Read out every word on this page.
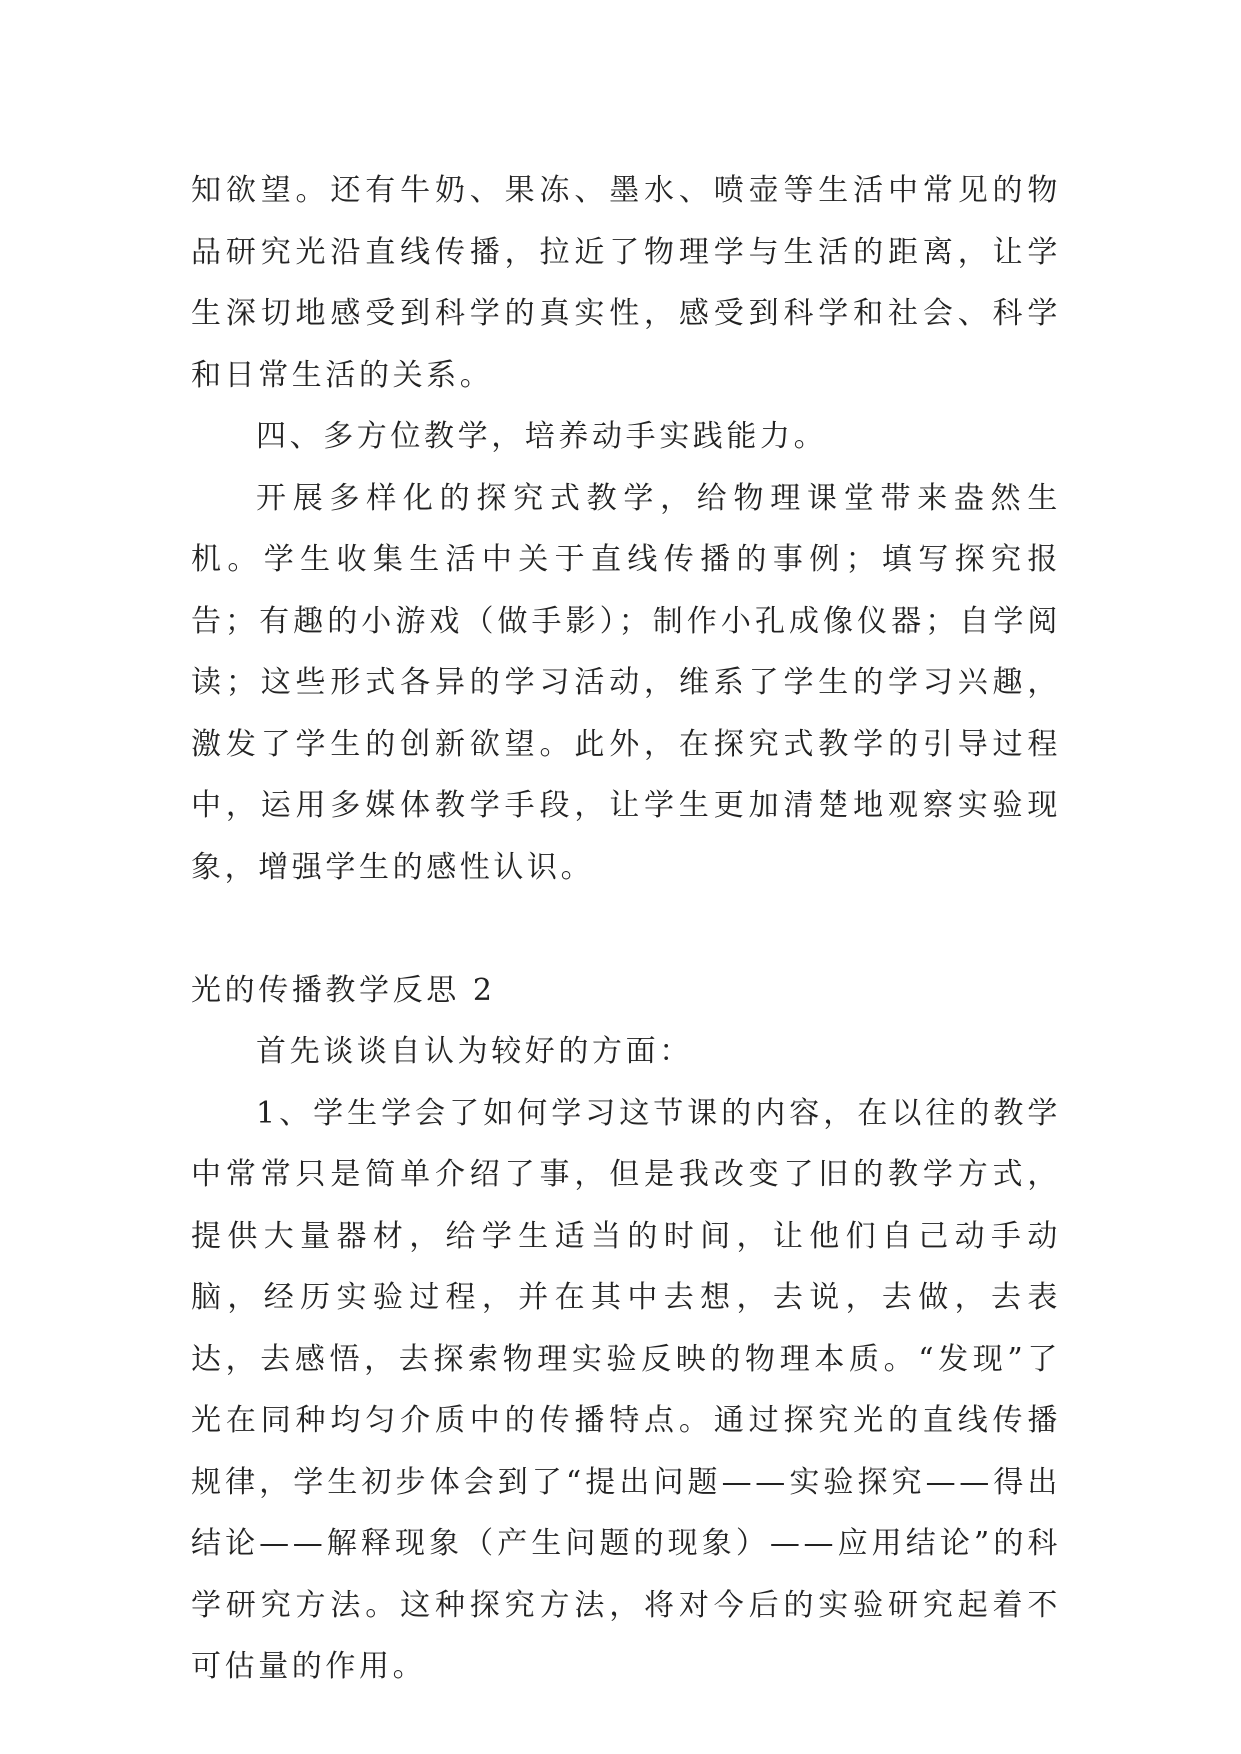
知欲望。还有牛奶、果冻、墨水、喷壶等生活中常见的物品研究光沿直线传播，拉近了物理学与生活的距离，让学生深切地感受到科学的真实性，感受到科学和社会、科学和日常生活的关系。

四、多方位教学，培养动手实践能力。

开展多样化的探究式教学，给物理课堂带来盎然生机。学生收集生活中关于直线传播的事例；填写探究报告；有趣的小游戏（做手影）；制作小孔成像仪器；自学阅读；这些形式各异的学习活动，维系了学生的学习兴趣，激发了学生的创新欲望。此外，在探究式教学的引导过程中，运用多媒体教学手段，让学生更加清楚地观察实验现象，增强学生的感性认识。

光的传播教学反思 2

首先谈谈自认为较好的方面：

1、学生学会了如何学习这节课的内容，在以往的教学中常常只是简单介绍了事，但是我改变了旧的教学方式，提供大量器材，给学生适当的时间，让他们自己动手动脑，经历实验过程，并在其中去想，去说，去做，去表达，去感悟，去探索物理实验反映的物理本质。“发现”了光在同种均匀介质中的传播特点。通过探究光的直线传播规律，学生初步体会到了“提出问题——实验探究——得出结论——解释现象（产生问题的现象）——应用结论”的科学研究方法。这种探究方法，将对今后的实验研究起着不可估量的作用。
